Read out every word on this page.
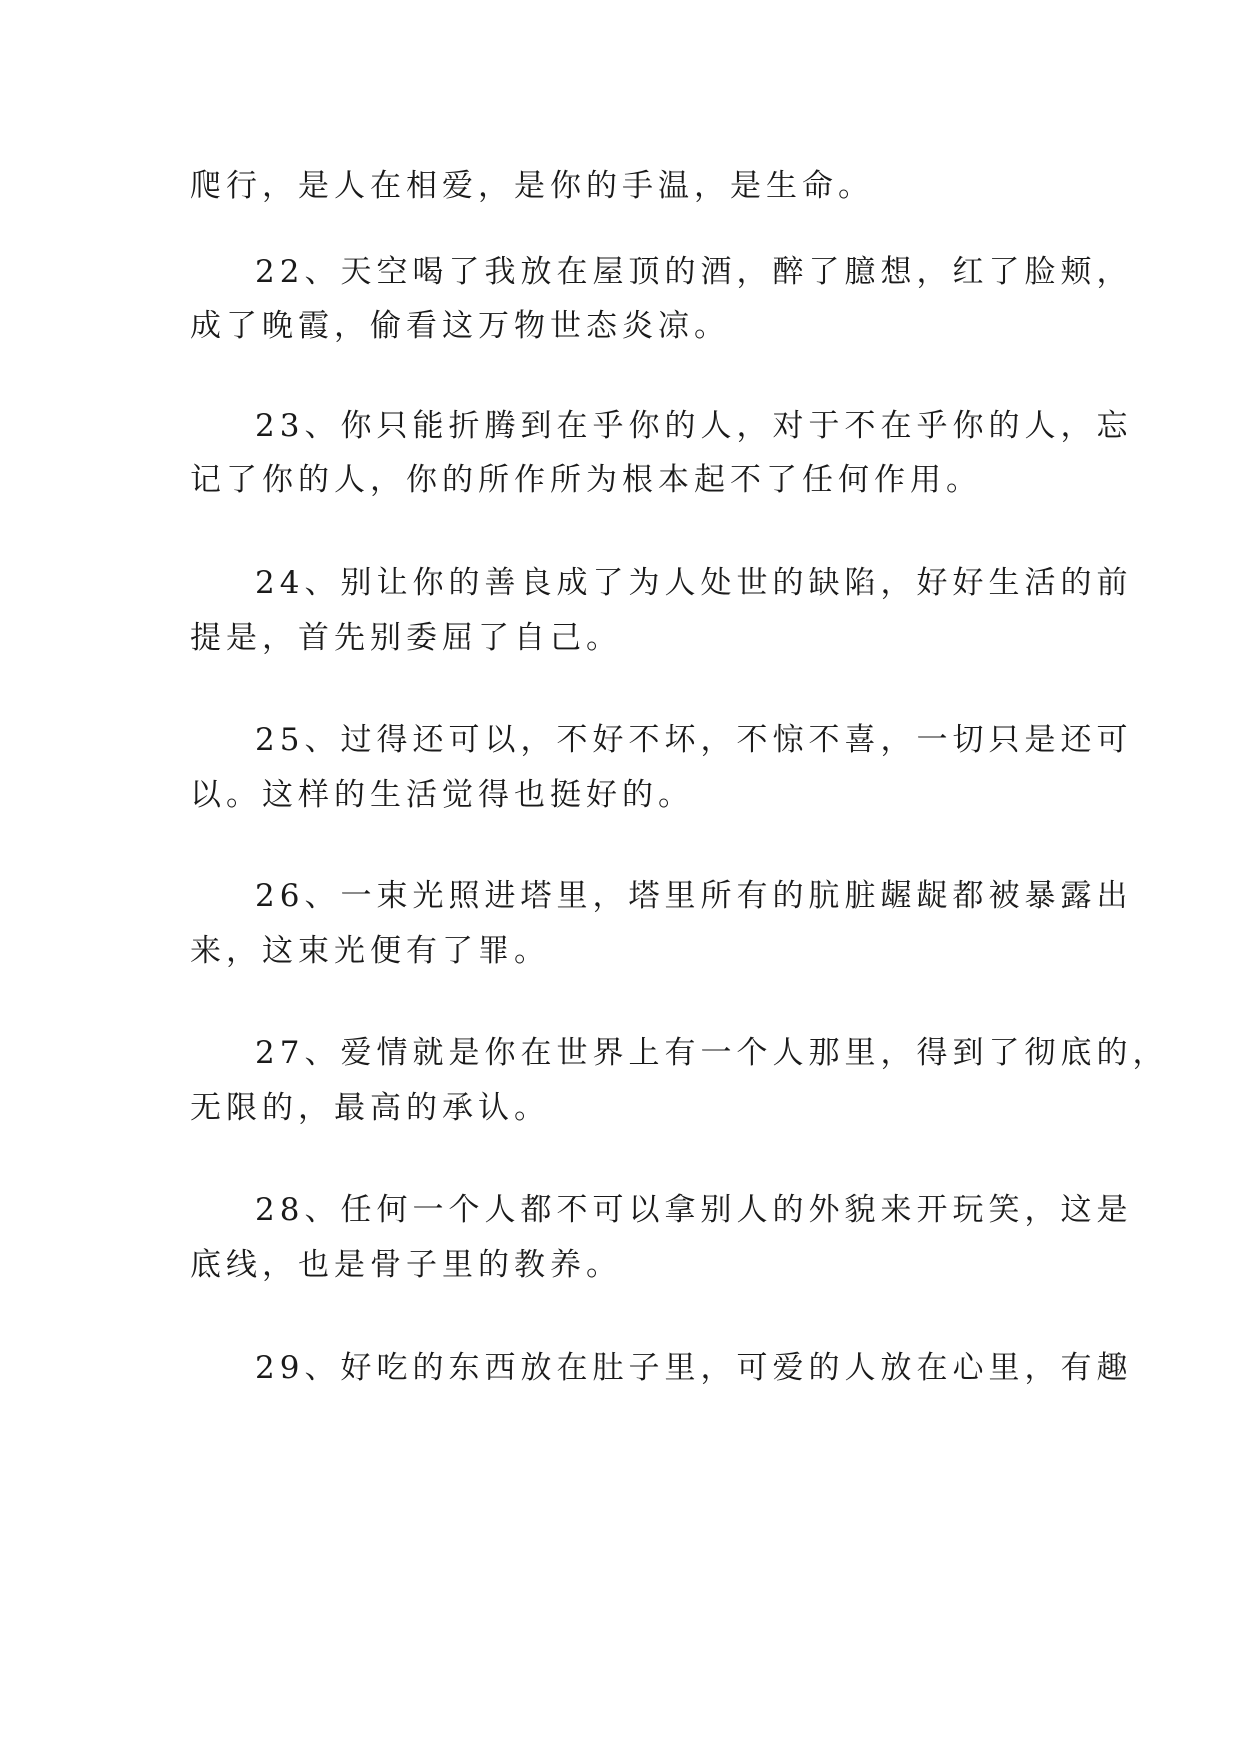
爬行，是人在相爱，是你的手温，是生命。

22、天空喝了我放在屋顶的酒，醉了臆想，红了脸颊，

成了晚霞，偷看这万物世态炎凉。

23、你只能折腾到在乎你的人，对于不在乎你的人，忘

记了你的人，你的所作所为根本起不了任何作用。

24、别让你的善良成了为人处世的缺陷，好好生活的前

提是，首先别委屈了自己。

25、过得还可以，不好不坏，不惊不喜，一切只是还可

以。这样的生活觉得也挺好的。

26、一束光照进塔里，塔里所有的肮脏龌龊都被暴露出

来，这束光便有了罪。

27、爱情就是你在世界上有一个人那里，得到了彻底的，

无限的，最高的承认。

28、任何一个人都不可以拿别人的外貌来开玩笑，这是

底线，也是骨子里的教养。

29、好吃的东西放在肚子里，可爱的人放在心里，有趣
